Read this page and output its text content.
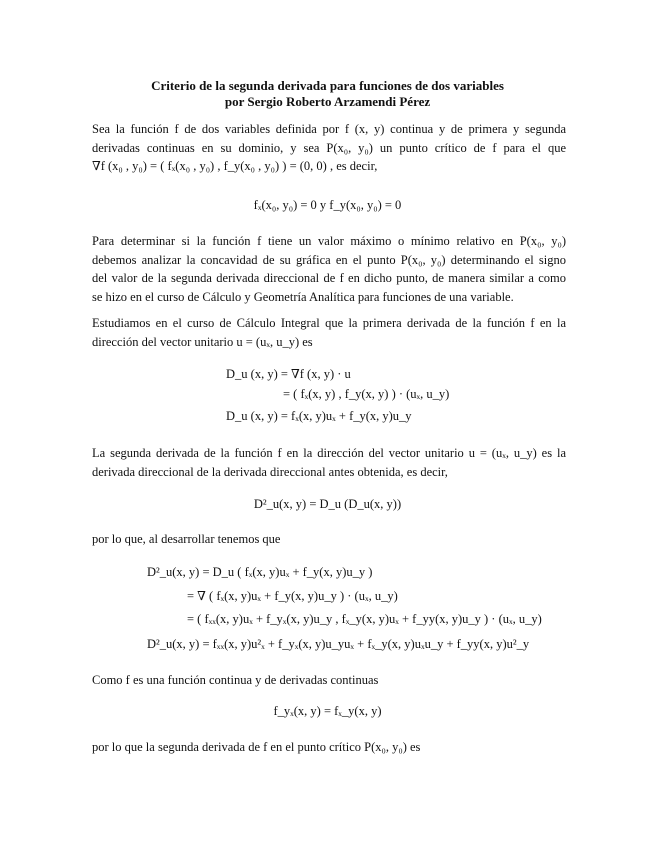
Criterio de la segunda derivada para funciones de dos variables
por Sergio Roberto Arzamendi Pérez
Sea la función f de dos variables definida por f (x, y) continua y de primera y segunda
derivadas continuas en su dominio, y sea P(x₀, y₀) un punto crítico de f para el que
∇f (x₀ , y₀) = ( fₓ(x₀ , y₀) , f_y(x₀ , y₀) ) = (0, 0) , es decir,
fₓ(x₀, y₀) = 0 y f_y(x₀, y₀) = 0
Para determinar si la función f tiene un valor máximo o mínimo relativo en P(x₀, y₀)
debemos analizar la concavidad de su gráfica en el punto P(x₀, y₀) determinando el signo
del valor de la segunda derivada direccional de f en dicho punto, de manera similar a como
se hizo en el curso de Cálculo y Geometría Analítica para funciones de una variable.
Estudiamos en el curso de Cálculo Integral que la primera derivada de la función f en la
dirección del vector unitario u = (uₓ, u_y) es
D_u (x, y) = ∇f (x, y) · u
= ( fₓ(x, y) , f_y(x, y) ) · (uₓ, u_y)
D_u (x, y) = fₓ(x, y)uₓ + f_y(x, y)u_y
La segunda derivada de la función f en la dirección del vector unitario u = (uₓ, u_y) es la
derivada direccional de la derivada direccional antes obtenida, es decir,
D²_u(x, y) = D_u (D_u(x, y))
por lo que, al desarrollar tenemos que
D²_u(x, y) = D_u ( fₓ(x, y)uₓ + f_y(x, y)u_y )
= ∇ ( fₓ(x, y)uₓ + f_y(x, y)u_y ) · (uₓ, u_y)
= ( fₓₓ(x, y)uₓ + f_yₓ(x, y)u_y , fₓ_y(x, y)uₓ + f_yy(x, y)u_y ) · (uₓ, u_y)
D²_u(x, y) = fₓₓ(x, y)u²ₓ + f_yₓ(x, y)u_yuₓ + fₓ_y(x, y)uₓu_y + f_yy(x, y)u²_y
Como f es una función continua y de derivadas continuas
f_yₓ(x, y) = fₓ_y(x, y)
por lo que la segunda derivada de f en el punto crítico P(x₀, y₀) es
